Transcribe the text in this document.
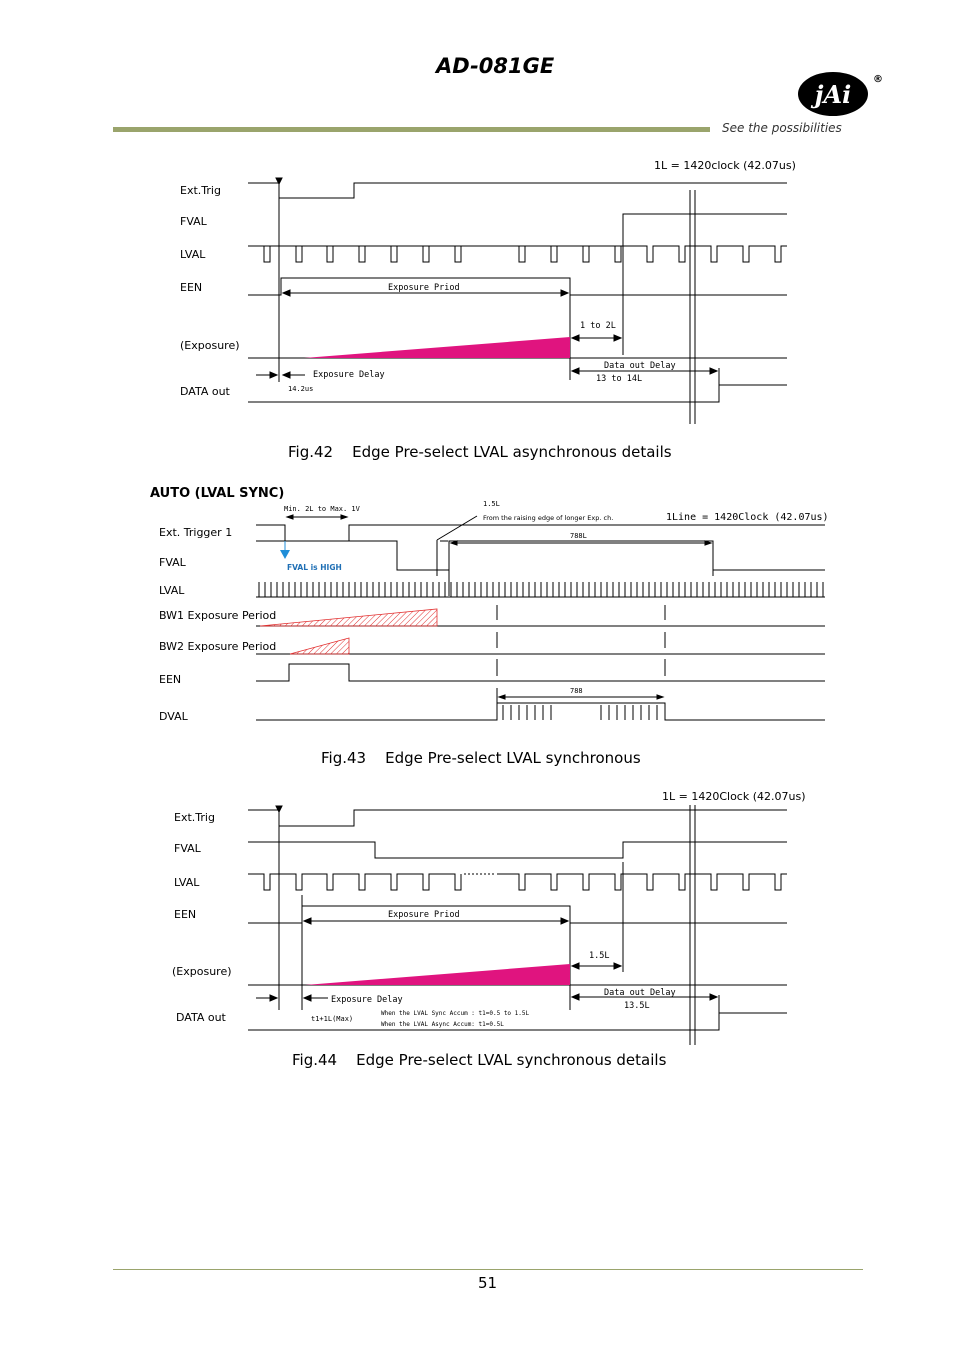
AD-081GE
jAi
®
See the possibilities
Ext.Trig
FVAL
LVAL
EEN
(Exposure)
DATA out
1L = 1420clock (42.07us)
Exposure Priod
1 to 2L
Data out Delay
13 to 14L
Exposure Delay
14.2us
Fig.42    Edge Pre-select LVAL asynchronous details
AUTO (LVAL SYNC)
FVAL is HIGH
Ext. Trigger 1
FVAL
LVAL
BW1 Exposure Period
BW2 Exposure Period
EEN
DVAL
1Line = 1420Clock (42.07us)
Min. 2L to Max. 1V
1.5L
From the raising edge of longer Exp. ch.
788L
788
Fig.43    Edge Pre-select LVAL synchronous
Ext.Trig
FVAL
LVAL
EEN
(Exposure)
DATA out
1L = 1420Clock (42.07us)
Exposure Priod
1.5L
Data out Delay
13.5L
Exposure Delay
t1+1L(Max)
When the LVAL Sync Accum : t1=0.5 to 1.5L
When the LVAL Async Accum: t1=0.5L
Fig.44    Edge Pre-select LVAL synchronous details
51
